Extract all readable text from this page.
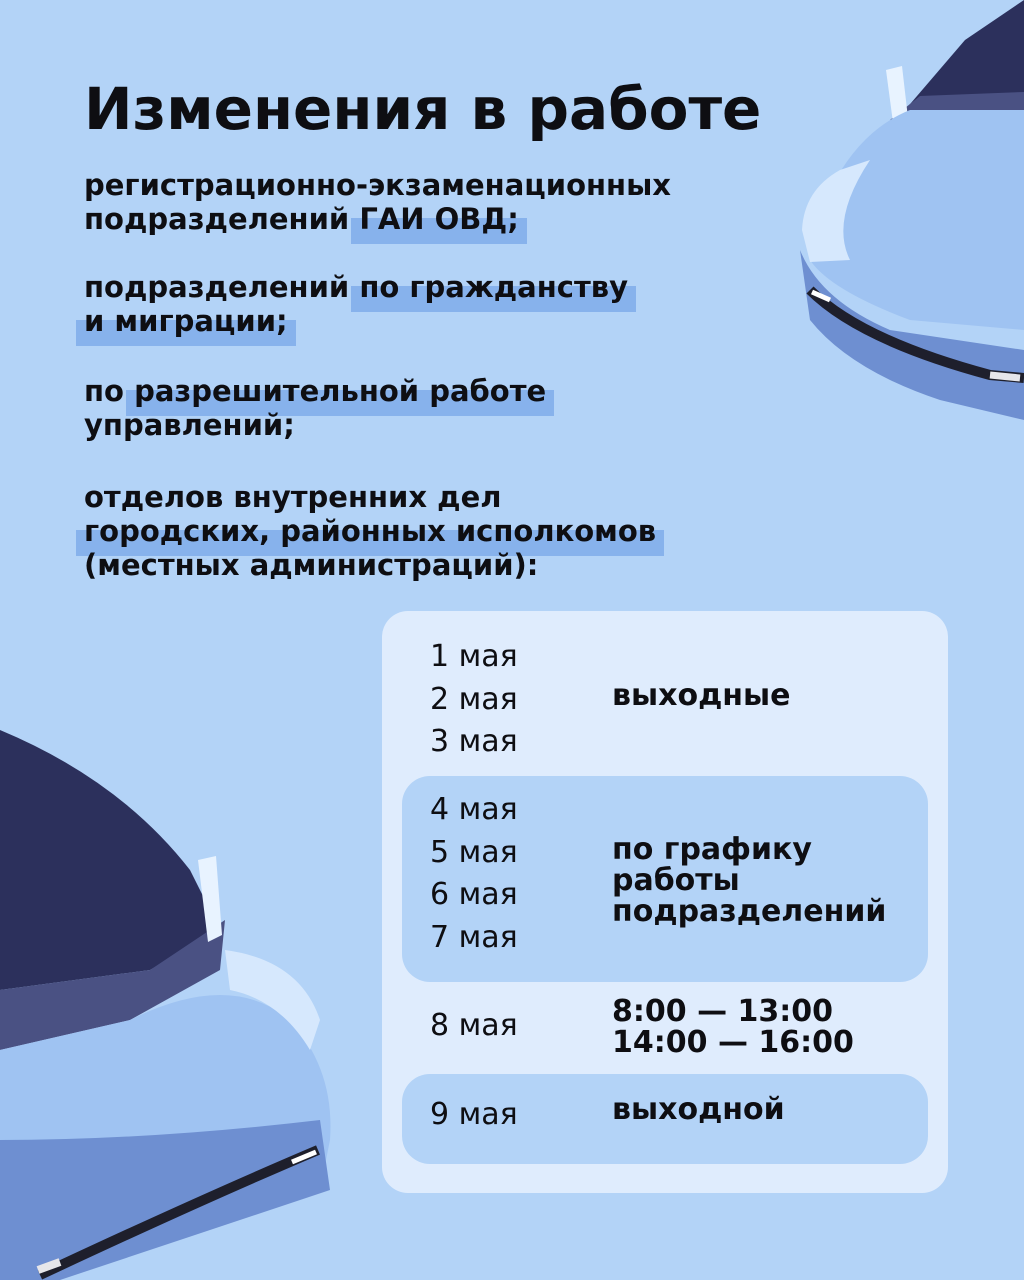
Изменения в работе
регистрационно-экзаменационных
подразделений ГАИ ОВД;
подразделений по гражданству
и миграции;
по разрешительной работе
управлений;
отделов внутренних дел
городских, районных исполкомов
(местных администраций):
1 мая
2 мая
3 мая
выходные
4 мая
5 мая
6 мая
7 мая
по графику
работы
подразделений
8 мая	8:00 — 13:00
14:00 — 16:00
9 мая	выходной
